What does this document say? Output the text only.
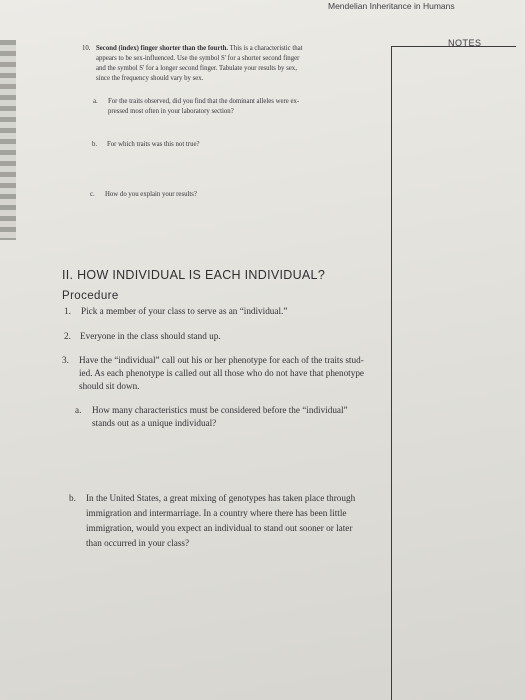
Mendelian Inheritance in Humans
NOTES
10. Second (index) finger shorter than the fourth. This is a characteristic that
appears to be sex-influenced. Use the symbol S' for a shorter second finger
and the symbol S' for a longer second finger. Tabulate your results by sex,
since the frequency should vary by sex.
a. For the traits observed, did you find that the dominant alleles were ex-
pressed most often in your laboratory section?
b. For which traits was this not true?
c. How do you explain your results?
II. HOW INDIVIDUAL IS EACH INDIVIDUAL?
Procedure
1. Pick a member of your class to serve as an “individual.”
2. Everyone in the class should stand up.
3. Have the “individual” call out his or her phenotype for each of the traits stud-
ied. As each phenotype is called out all those who do not have that phenotype
should sit down.
a. How many characteristics must be considered before the “individual”
stands out as a unique individual?
b. In the United States, a great mixing of genotypes has taken place through
immigration and intermarriage. In a country where there has been little
immigration, would you expect an individual to stand out sooner or later
than occurred in your class?
